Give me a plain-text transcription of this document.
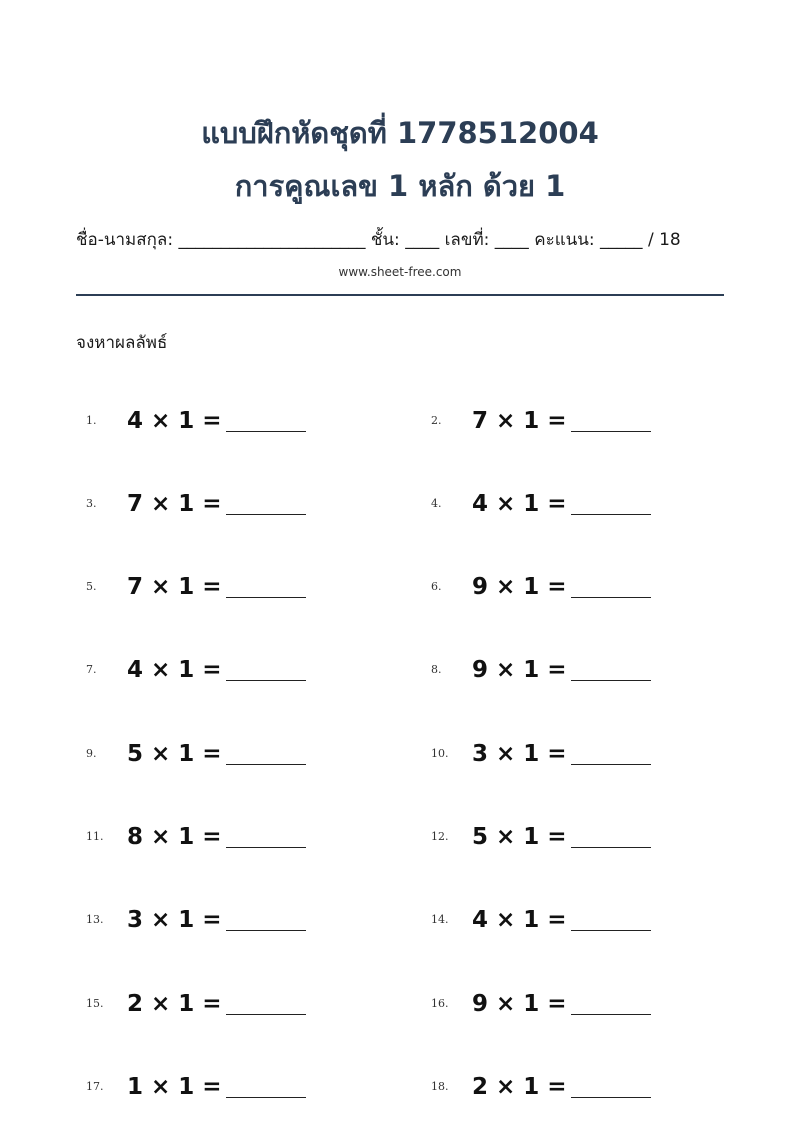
แบบฝึกหัดชุดที่ 1778512004
การคูณเลข 1 หลัก ด้วย 1
ชื่อ-นามสกุล: ______________________ ชั้น: ____ เลขที่: ____ คะแนน: _____ / 18
www.sheet-free.com
จงหาผลลัพธ์
1. 4 × 1 =	2. 7 × 1 =
3. 7 × 1 =	4. 4 × 1 =
5. 7 × 1 =	6. 9 × 1 =
7. 4 × 1 =	8. 9 × 1 =
9. 5 × 1 =	10. 3 × 1 =
11. 8 × 1 =	12. 5 × 1 =
13. 3 × 1 =	14. 4 × 1 =
15. 2 × 1 =	16. 9 × 1 =
17. 1 × 1 =	18. 2 × 1 =
